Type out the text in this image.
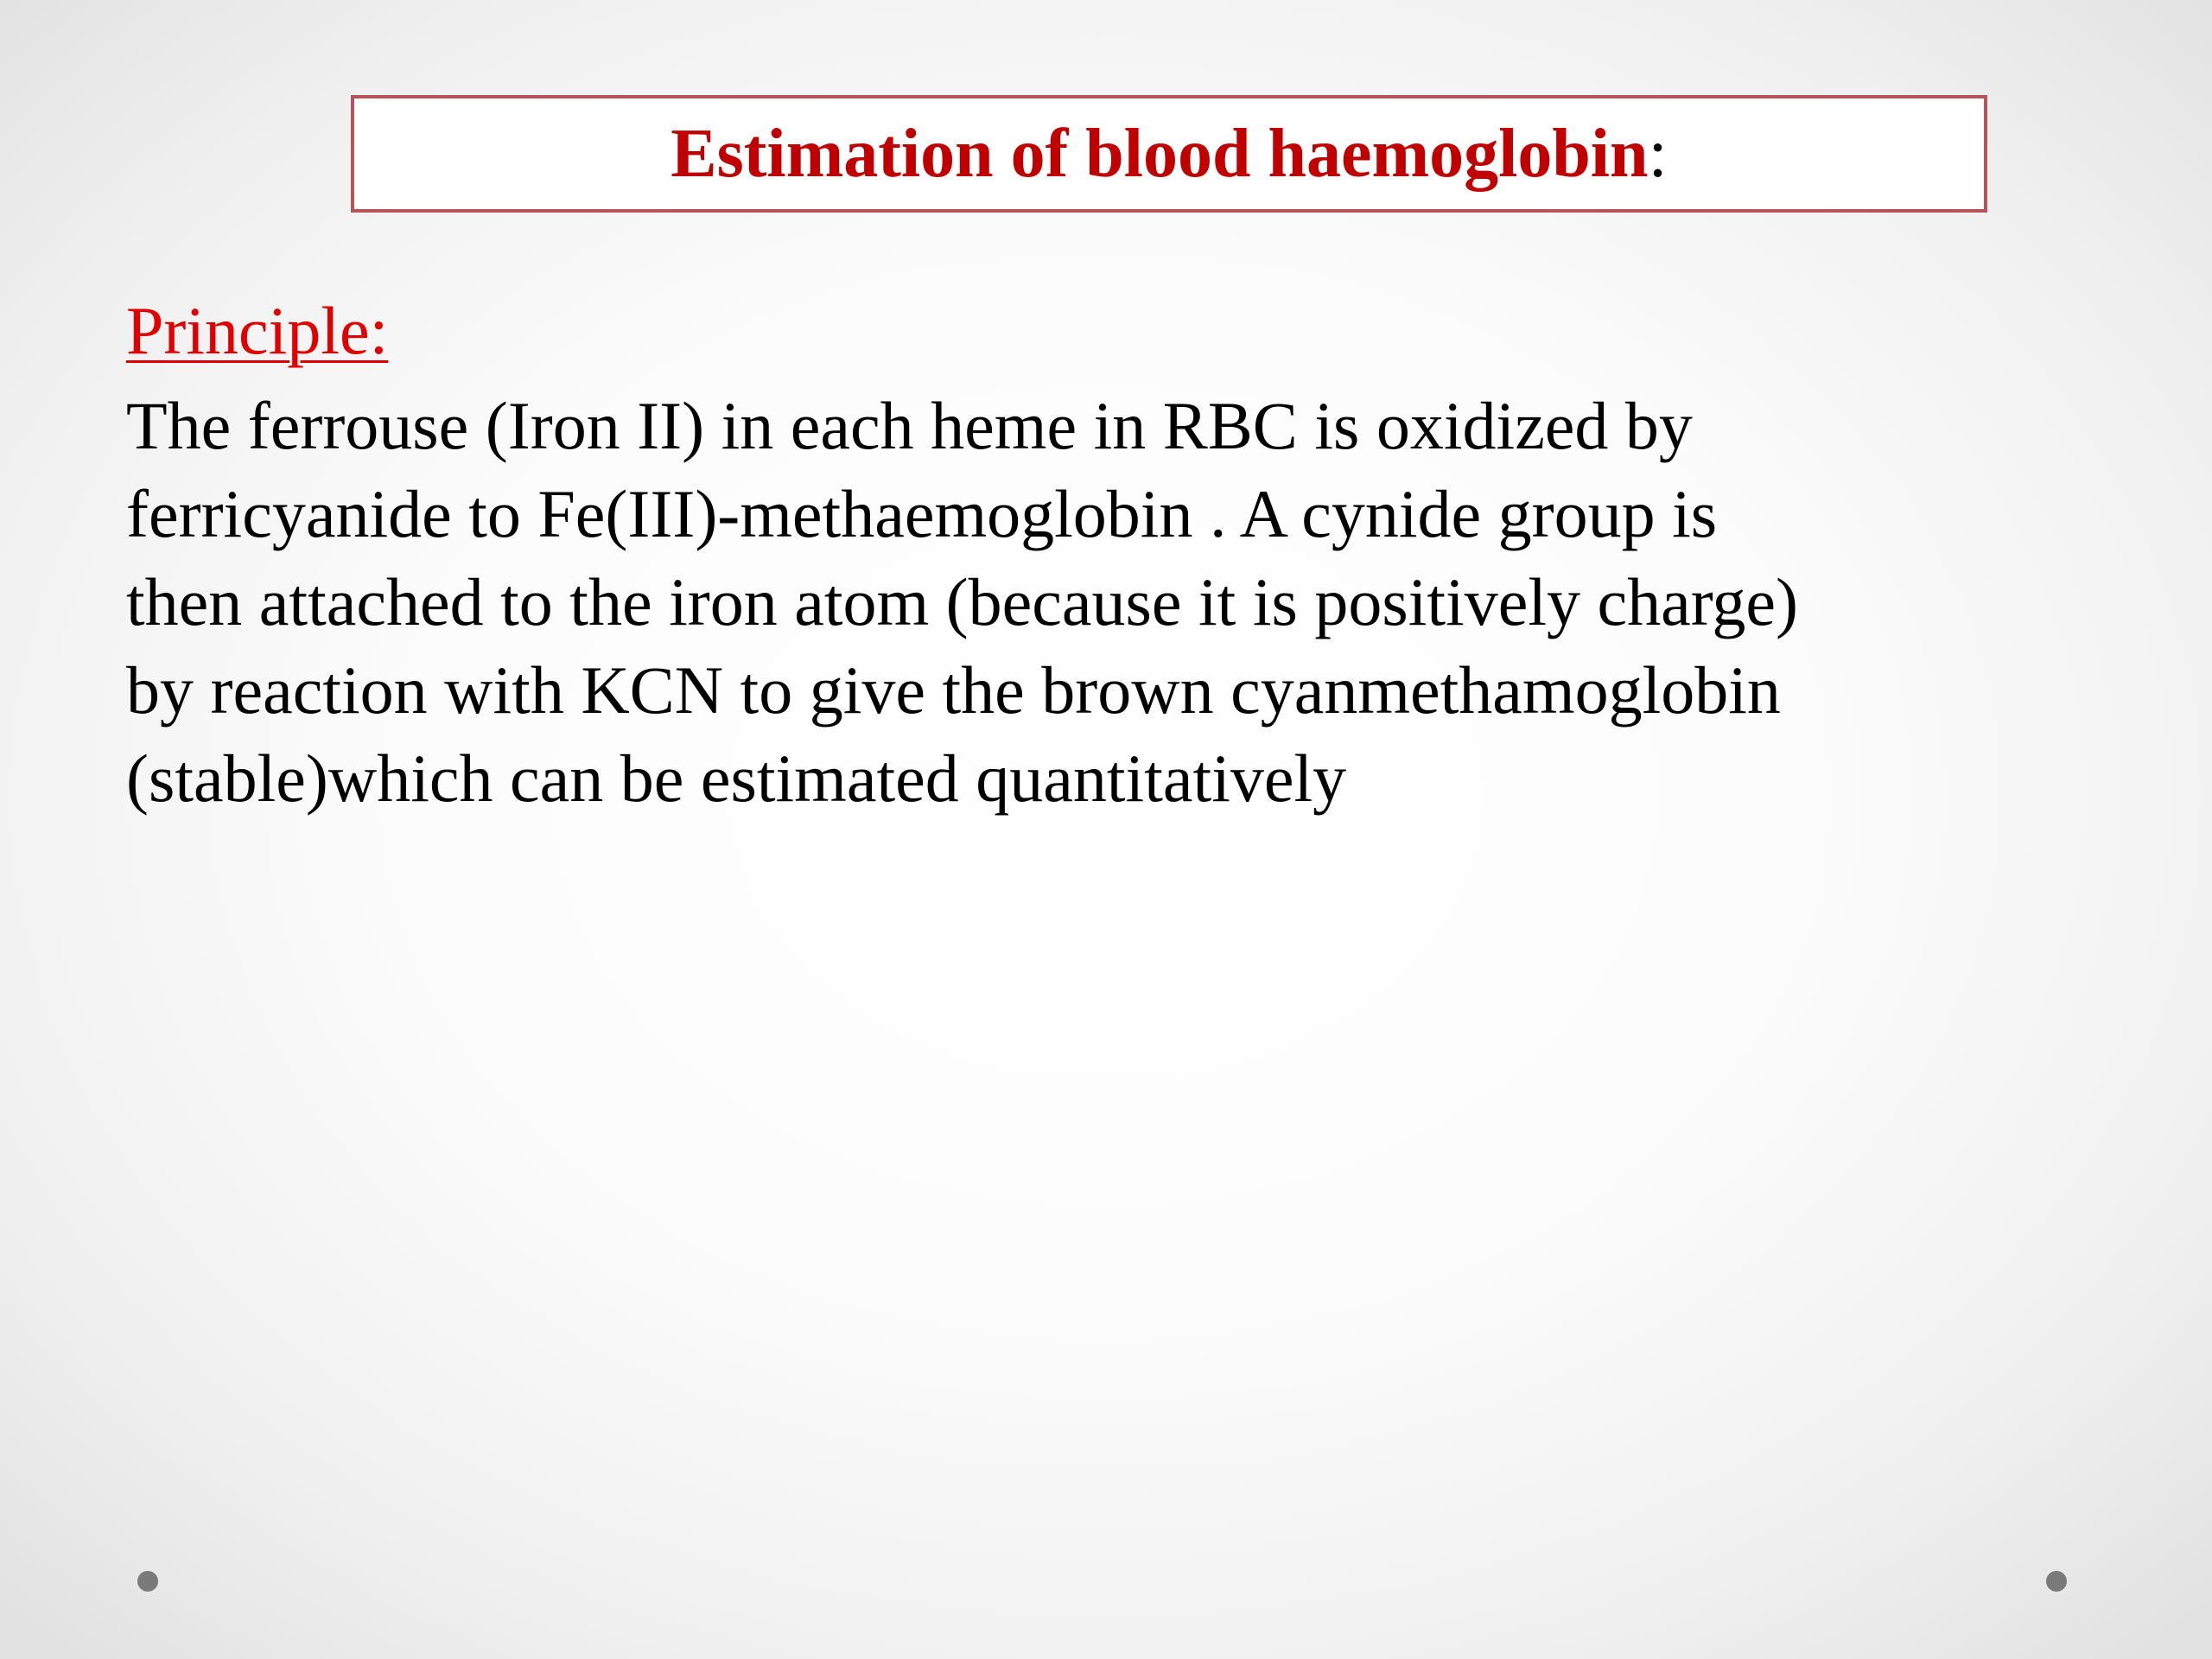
Estimation of blood haemoglobin:
Principle:
The ferrouse (Iron II) in each heme in RBC is oxidized by
ferricyanide to Fe(III)-methaemoglobin . A cynide group is
then attached to the iron atom (because it is positively charge)
by reaction with KCN to give the brown cyanmethamoglobin
(stable)which can be estimated quantitatively
